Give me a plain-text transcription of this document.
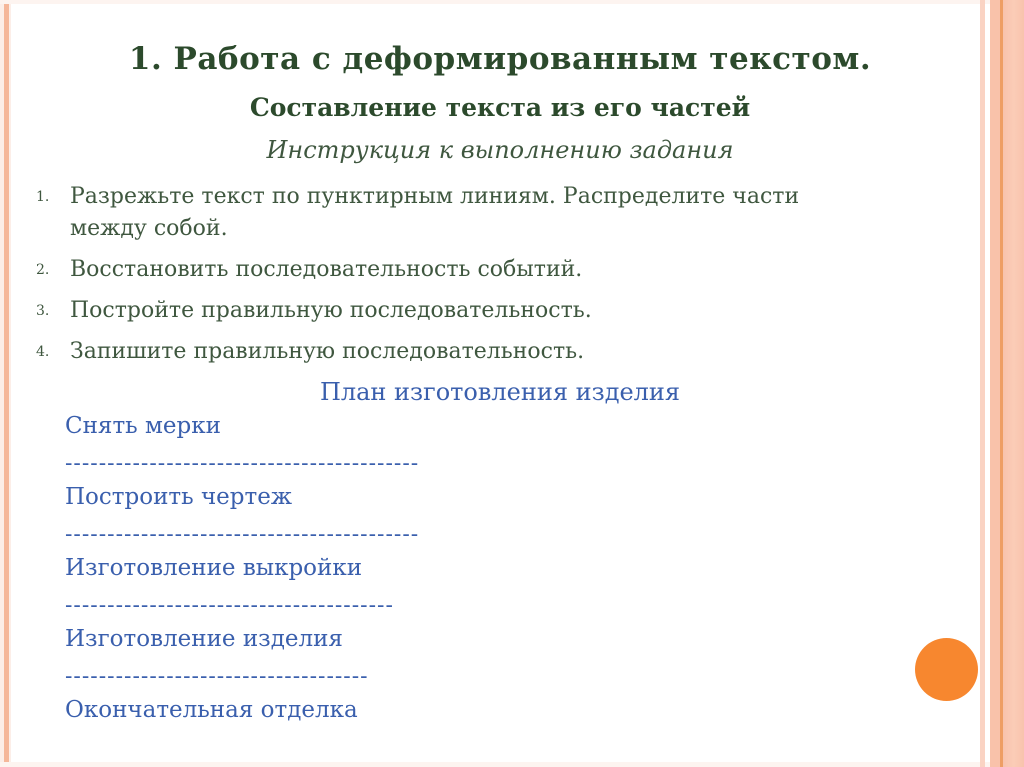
1. Работа с деформированным текстом.
Составление текста из его частей
Инструкция к выполнению задания
1. Разрежьте текст по пунктирным линиям. Распределите части между собой.
2. Восстановить последовательность событий.
3. Постройте правильную последовательность.
4. Запишите правильную последовательность.
План изготовления изделия
Снять мерки
------------------------------------------
Построить чертеж
------------------------------------------
Изготовление выкройки
---------------------------------------
Изготовление изделия
------------------------------------
Окончательная отделка
